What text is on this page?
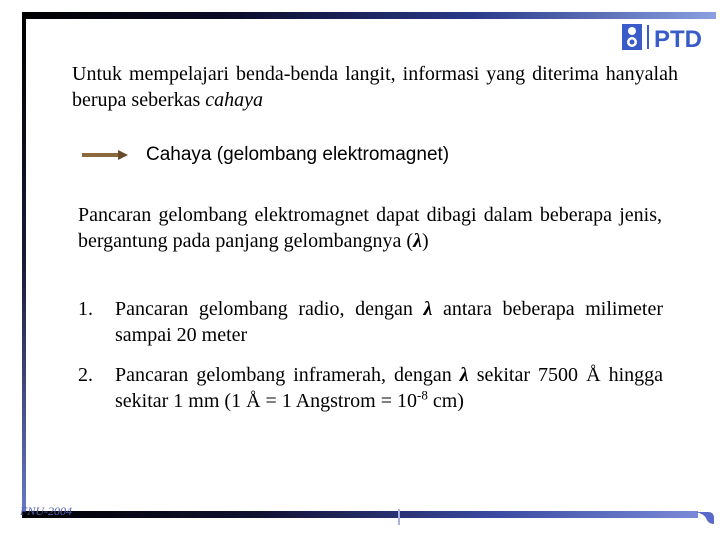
PTD
Untuk mempelajari benda-benda langit, informasi yang diterima hanyalah berupa seberkas cahaya
Cahaya (gelombang elektromagnet)
Pancaran gelombang elektromagnet dapat dibagi dalam beberapa jenis, bergantung pada panjang gelombangnya (λ)
1. Pancaran gelombang radio, dengan λ antara beberapa milimeter sampai 20 meter
2. Pancaran gelombang inframerah, dengan λ sekitar 7500 Å hingga sekitar 1 mm (1 Å = 1 Angstrom = $10^{-8}$ cm)
FNU-2004
